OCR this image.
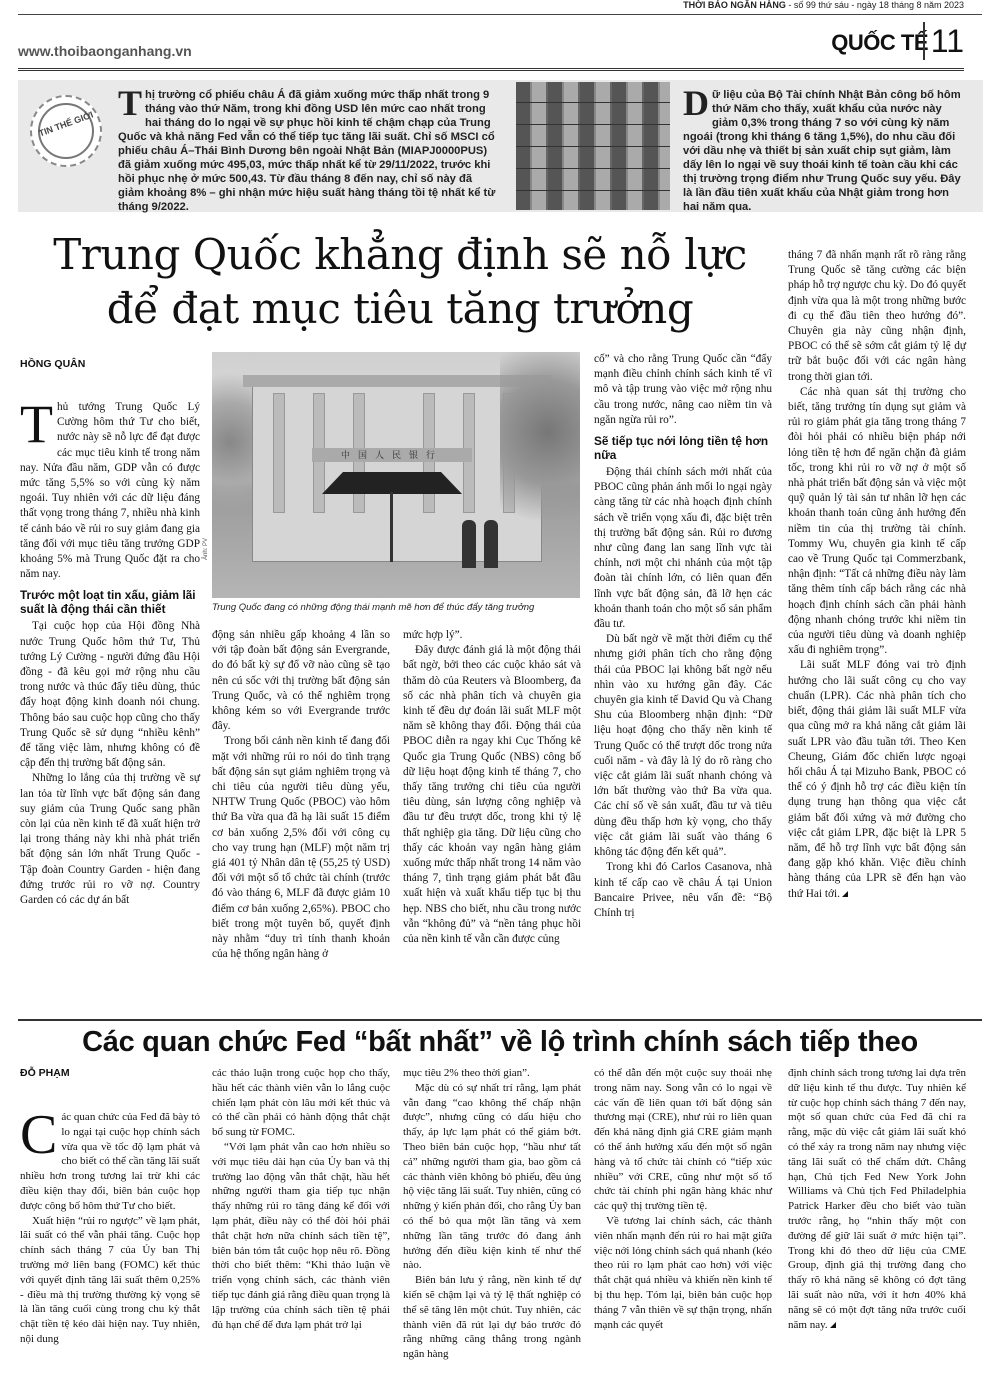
THỜI BÁO NGÂN HÀNG - số 99 thứ sáu - ngày 18 tháng 8 năm 2023
www.thoibaonganhang.vn	QUỐC TẾ 11
TIN THẾ GIỚI
Thị trường cổ phiếu châu Á đã giảm xuống mức thấp nhất trong 9 tháng vào thứ Năm, trong khi đồng USD lên mức cao nhất trong hai tháng do lo ngại về sự phục hồi kinh tế chậm chạp của Trung Quốc và khả năng Fed vẫn có thể tiếp tục tăng lãi suất. Chỉ số MSCI cổ phiếu châu Á–Thái Bình Dương bên ngoài Nhật Bản (MIAPJ0000PUS) đã giảm xuống mức 495,03, mức thấp nhất kể từ 29/11/2022, trước khi hồi phục nhẹ ở mức 500,43. Từ đầu tháng 8 đến nay, chỉ số này đã giảm khoảng 8% – ghi nhận mức hiệu suất hàng tháng tồi tệ nhất kể từ tháng 9/2022.
Dữ liệu của Bộ Tài chính Nhật Bản công bố hôm thứ Năm cho thấy, xuất khẩu của nước này giảm 0,3% trong tháng 7 so với cùng kỳ năm ngoái (trong khi tháng 6 tăng 1,5%), do nhu cầu đối với dầu nhẹ và thiết bị sản xuất chip sụt giảm, làm dấy lên lo ngại về suy thoái kinh tế toàn cầu khi các thị trường trọng điểm như Trung Quốc suy yếu. Đây là lần đầu tiên xuất khẩu của Nhật giảm trong hơn hai năm qua.
Trung Quốc khẳng định sẽ nỗ lực
để đạt mục tiêu tăng trưởng
HỒNG QUÂN

Thủ tướng Trung Quốc Lý Cường hôm thứ Tư cho biết, nước này sẽ nỗ lực để đạt được các mục tiêu kinh tế trong năm nay. Nửa đầu năm, GDP vẫn có được mức tăng 5,5% so với cùng kỳ năm ngoái. Tuy nhiên với các dữ liệu đáng thất vọng trong tháng 7, nhiều nhà kinh tế cảnh báo về rủi ro suy giảm đang gia tăng đối với mục tiêu tăng trưởng GDP khoảng 5% mà Trung Quốc đặt ra cho năm nay.

Trước một loạt tin xấu, giảm lãi suất là động thái cần thiết

Tại cuộc họp của Hội đồng Nhà nước Trung Quốc hôm thứ Tư, Thủ tướng Lý Cường - người đứng đầu Hội đồng - đã kêu gọi mở rộng nhu cầu trong nước và thúc đẩy tiêu dùng, thúc đẩy hoạt động kinh doanh nói chung. Thông báo sau cuộc họp cũng cho thấy Trung Quốc sẽ sử dụng “nhiều kênh” để tăng việc làm, nhưng không có đề cập đến thị trường bất động sản.

Những lo lắng của thị trường về sự lan tỏa từ lĩnh vực bất động sản đang suy giảm của Trung Quốc sang phần còn lại của nền kinh tế đã xuất hiện trở lại trong tháng này khi nhà phát triển bất động sản lớn nhất Trung Quốc - Tập đoàn Country Garden - hiện đang đứng trước rủi ro vỡ nợ. Country Garden có các dự án bất

中国人民银行
Ảnh: PV
Trung Quốc đang có những động thái mạnh mẽ hơn để thúc đẩy tăng trưởng

động sản nhiều gấp khoảng 4 lần so với tập đoàn bất động sản Evergrande, do đó bất kỳ sự đổ vỡ nào cũng sẽ tạo nên cú sốc với thị trường bất động sản Trung Quốc, và có thể nghiêm trọng không kém so với Evergrande trước đây.

Trong bối cảnh nền kinh tế đang đối mặt với những rủi ro nói do tình trạng bất động sản sụt giảm nghiêm trọng và chi tiêu của người tiêu dùng yếu, NHTW Trung Quốc (PBOC) vào hôm thứ Ba vừa qua đã hạ lãi suất 15 điểm cơ bản xuống 2,5% đối với công cụ cho vay trung hạn (MLF) một năm trị giá 401 tỷ Nhân dân tệ (55,25 tỷ USD) đối với một số tổ chức tài chính (trước đó vào tháng 6, MLF đã được giảm 10 điểm cơ bản xuống 2,65%). PBOC cho biết trong một tuyên bố, quyết định này nhằm “duy trì tính thanh khoản của hệ thống ngân hàng ở

mức hợp lý”.

Đây được đánh giá là một động thái bất ngờ, bởi theo các cuộc khảo sát và thăm dò của Reuters và Bloomberg, đa số các nhà phân tích và chuyên gia kinh tế đều dự đoán lãi suất MLF một năm sẽ không thay đổi. Động thái của PBOC diễn ra ngay khi Cục Thống kê Quốc gia Trung Quốc (NBS) công bố dữ liệu hoạt động kinh tế tháng 7, cho thấy tăng trưởng chi tiêu của người tiêu dùng, sản lượng công nghiệp và đầu tư đều trượt dốc, trong khi tỷ lệ thất nghiệp gia tăng. Dữ liệu cũng cho thấy các khoản vay ngân hàng giảm xuống mức thấp nhất trong 14 năm vào tháng 7, tình trạng giảm phát bắt đầu xuất hiện và xuất khẩu tiếp tục bị thu hẹp. NBS cho biết, nhu cầu trong nước vẫn “không đủ” và “nền tảng phục hồi của nền kinh tế vẫn cần được củng

cố” và cho rằng Trung Quốc cần “đẩy mạnh điều chỉnh chính sách kinh tế vĩ mô và tập trung vào việc mở rộng nhu cầu trong nước, nâng cao niềm tin và ngăn ngừa rủi ro”.

Sẽ tiếp tục nới lỏng tiền tệ hơn nữa

Động thái chính sách mới nhất của PBOC cũng phản ánh mối lo ngại ngày càng tăng từ các nhà hoạch định chính sách về triển vọng xấu đi, đặc biệt trên thị trường bất động sản. Rủi ro đương như cũng đang lan sang lĩnh vực tài chính, nơi một chi nhánh của một tập đoàn tài chính lớn, có liên quan đến lĩnh vực bất động sản, đã lỡ hẹn các khoản thanh toán cho một số sản phẩm đầu tư.

Dù bất ngờ về mặt thời điểm cụ thể nhưng giới phân tích cho rằng động thái của PBOC lại không bất ngờ nếu nhìn vào xu hướng gần đây. Các chuyên gia kinh tế David Qu và Chang Shu của Bloomberg nhận định: “Dữ liệu hoạt động cho thấy nền kinh tế Trung Quốc có thể trượt dốc trong nửa cuối năm - và đây là lý do rõ ràng cho việc cắt giảm lãi suất nhanh chóng và lớn bất thường vào thứ Ba vừa qua. Các chỉ số về sản xuất, đầu tư và tiêu dùng đều thấp hơn kỳ vọng, cho thấy việc cắt giảm lãi suất vào tháng 6 không tác động đến kết quả”.

Trong khi đó Carlos Casanova, nhà kinh tế cấp cao về châu Á tại Union Bancaire Privee, nêu vấn đề: “Bộ Chính trị

tháng 7 đã nhấn mạnh rất rõ ràng rằng Trung Quốc sẽ tăng cường các biện pháp hỗ trợ ngược chu kỳ. Do đó quyết định vừa qua là một trong những bước đi cụ thể đầu tiên theo hướng đó”. Chuyên gia này cũng nhận định, PBOC có thể sẽ sớm cắt giảm tỷ lệ dự trữ bắt buộc đối với các ngân hàng trong thời gian tới.

Các nhà quan sát thị trường cho biết, tăng trưởng tín dụng sụt giảm và rủi ro giảm phát gia tăng trong tháng 7 đòi hỏi phải có nhiều biện pháp nới lỏng tiền tệ hơn để ngăn chặn đà giảm tốc, trong khi rủi ro vỡ nợ ở một số nhà phát triển bất động sản và việc một quỹ quản lý tài sản tư nhân lỡ hẹn các khoản thanh toán cũng ảnh hưởng đến niềm tin của thị trường tài chính. Tommy Wu, chuyên gia kinh tế cấp cao về Trung Quốc tại Commerzbank, nhận định: “Tất cả những điều này làm tăng thêm tính cấp bách rằng các nhà hoạch định chính sách cần phải hành động nhanh chóng trước khi niềm tin của người tiêu dùng và doanh nghiệp xấu đi nghiêm trọng”.

Lãi suất MLF đóng vai trò định hướng cho lãi suất công cụ cho vay chuẩn (LPR). Các nhà phân tích cho biết, động thái giảm lãi suất MLF vừa qua cũng mở ra khả năng cắt giảm lãi suất LPR vào đầu tuần tới. Theo Ken Cheung, Giám đốc chiến lược ngoại hối châu Á tại Mizuho Bank, PBOC có thể có ý định hỗ trợ các điều kiện tín dụng trung hạn thông qua việc cắt giảm bất đối xứng và mở đường cho việc cắt giảm LPR, đặc biệt là LPR 5 năm, để hỗ trợ lĩnh vực bất động sản đang gặp khó khăn. Việc điều chỉnh hàng tháng của LPR sẽ đến hạn vào thứ Hai tới.

Các quan chức Fed “bất nhất” về lộ trình chính sách tiếp theo
ĐỖ PHẠM

Các quan chức của Fed đã bày tỏ lo ngại tại cuộc họp chính sách vừa qua về tốc độ lạm phát và cho biết có thể cần tăng lãi suất nhiều hơn trong tương lai trừ khi các điều kiện thay đổi, biên bản cuộc họp được công bố hôm thứ Tư cho biết.

Xuất hiện “rủi ro ngược” về lạm phát, lãi suất có thể vẫn phải tăng. Cuộc họp chính sách tháng 7 của Ủy ban Thị trường mở liên bang (FOMC) kết thúc với quyết định tăng lãi suất thêm 0,25% - điều mà thị trường thường kỳ vọng sẽ là lần tăng cuối cùng trong chu kỳ thắt chặt tiền tệ kéo dài hiện nay. Tuy nhiên, nội dung

các thảo luận trong cuộc họp cho thấy, hầu hết các thành viên vẫn lo lắng cuộc chiến lạm phát còn lâu mới kết thúc và có thể cần phải có hành động thắt chặt bổ sung từ FOMC.

“Với lạm phát vẫn cao hơn nhiều so với mục tiêu dài hạn của Ủy ban và thị trường lao động vẫn thắt chặt, hầu hết những người tham gia tiếp tục nhận thấy những rủi ro tăng đáng kể đối với lạm phát, điều này có thể đòi hỏi phải thắt chặt hơn nữa chính sách tiền tệ”, biên bản tóm tắt cuộc họp nêu rõ. Đồng thời cho biết thêm: “Khi thảo luận về triển vọng chính sách, các thành viên tiếp tục đánh giá rằng điều quan trọng là lập trường của chính sách tiền tệ phải đủ hạn chế để đưa lạm phát trở lại

mục tiêu 2% theo thời gian”.

Mặc dù có sự nhất trí rằng, lạm phát vẫn đang “cao không thể chấp nhận được”, nhưng cũng có dấu hiệu cho thấy, áp lực lạm phát có thể giảm bớt. Theo biên bản cuộc họp, “hầu như tất cả” những người tham gia, bao gồm cả các thành viên không bỏ phiếu, đều ủng hộ việc tăng lãi suất. Tuy nhiên, cũng có những ý kiến phản đối, cho rằng Ủy ban có thể bỏ qua một lần tăng và xem những lần tăng trước đó đang ảnh hưởng đến điều kiện kinh tế như thế nào.

Biên bản lưu ý rằng, nền kinh tế dự kiến sẽ chậm lại và tỷ lệ thất nghiệp có thể sẽ tăng lên một chút. Tuy nhiên, các thành viên đã rút lại dự báo trước đó rằng những căng thẳng trong ngành ngân hàng

có thể dẫn đến một cuộc suy thoái nhẹ trong năm nay. Song vẫn có lo ngại về các vấn đề liên quan tới bất động sản thương mại (CRE), như rủi ro liên quan đến khả năng định giá CRE giảm mạnh có thể ảnh hưởng xấu đến một số ngân hàng và tổ chức tài chính có “tiếp xúc nhiều” với CRE, cũng như một số tổ chức tài chính phi ngân hàng khác như các quỹ thị trường tiền tệ.

Về tương lai chính sách, các thành viên nhấn mạnh đến rủi ro hai mặt giữa việc nới lỏng chính sách quá nhanh (kéo theo rủi ro lạm phát cao hơn) với việc thắt chặt quá nhiều và khiến nền kinh tế bị thu hẹp. Tóm lại, biên bản cuộc họp tháng 7 vẫn thiên về sự thận trọng, nhấn mạnh các quyết

định chính sách trong tương lai dựa trên dữ liệu kinh tế thu được. Tuy nhiên kể từ cuộc họp chính sách tháng 7 đến nay, một số quan chức của Fed đã chỉ ra rằng, mặc dù việc cắt giảm lãi suất khó có thể xảy ra trong năm nay nhưng việc tăng lãi suất có thể chấm dứt. Chẳng hạn, Chủ tịch Fed New York John Williams và Chủ tịch Fed Philadelphia Patrick Harker đều cho biết vào tuần trước rằng, họ “nhìn thấy một con đường để giữ lãi suất ở mức hiện tại”. Trong khi đó theo dữ liệu của CME Group, định giá thị trường đang cho thấy rõ khả năng sẽ không có đợt tăng lãi suất nào nữa, với ít hơn 40% khả năng sẽ có một đợt tăng nữa trước cuối năm nay.
